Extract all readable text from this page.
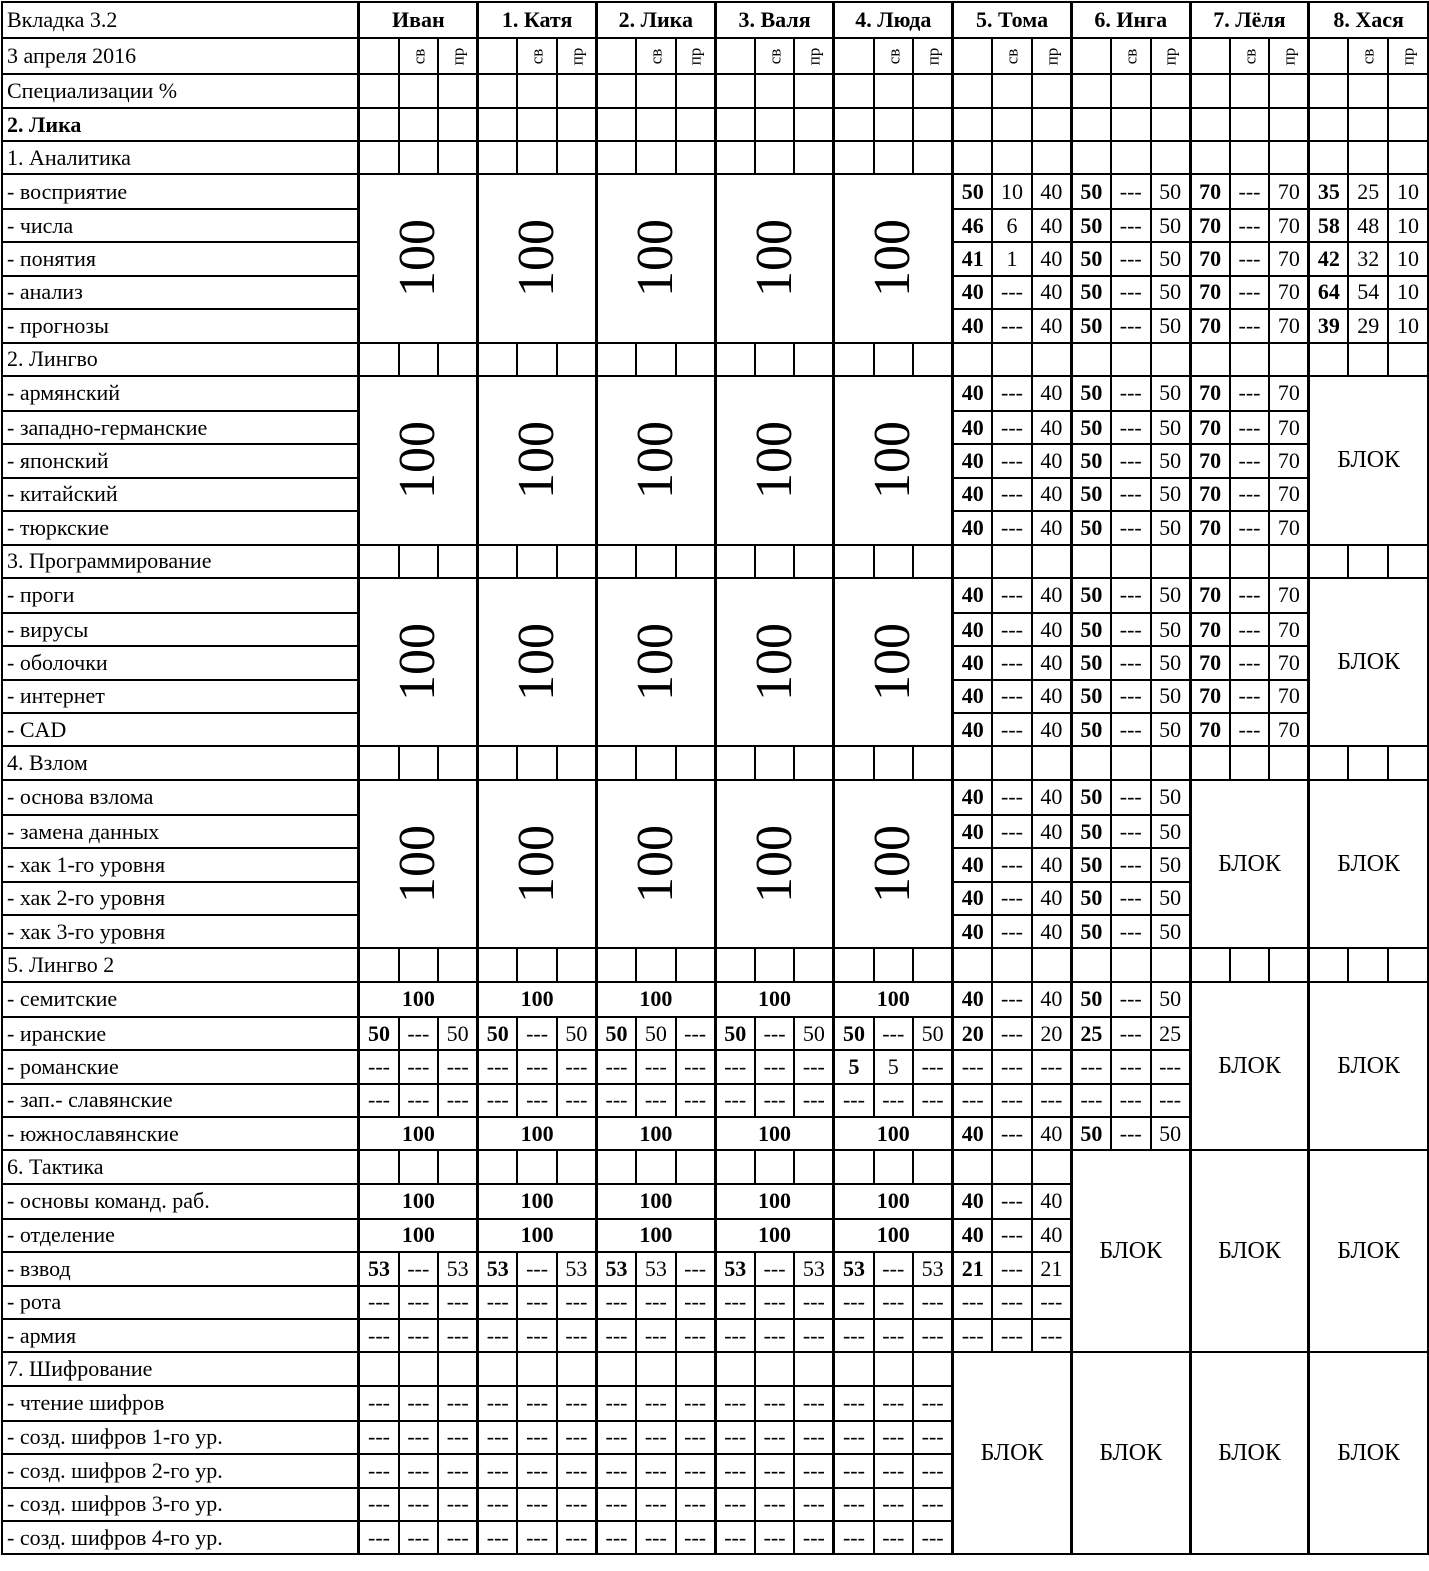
Вкладка 3.2	Иван			1. Катя			2. Лика			3. Валя			4. Люда			5. Тома			6. Инга			7. Лёля			8. Хася		
3 апреля 2016		св	пр		св	пр		св	пр		св	пр		св	пр		св	пр		св	пр		св	пр		св	пр
Специализации %																											
2. Лика																											
1. Аналитика																											
- восприятие	100			100			100			100			100			50	10	40	50	---	50	70	---	70	35	25	10
- числа																46	6	40	50	---	50	70	---	70	58	48	10
- понятия																41	1	40	50	---	50	70	---	70	42	32	10
- анализ																40	---	40	50	---	50	70	---	70	64	54	10
- прогнозы																40	---	40	50	---	50	70	---	70	39	29	10
2. Лингво																											
- армянский	100			100			100			100			100			40	---	40	50	---	50	70	---	70	БЛОК		
- западно-германские																40	---	40	50	---	50	70	---	70			
- японский																40	---	40	50	---	50	70	---	70			
- китайский																40	---	40	50	---	50	70	---	70			
- тюркские																40	---	40	50	---	50	70	---	70			
3. Программирование																											
- проги	100			100			100			100			100			40	---	40	50	---	50	70	---	70	БЛОК		
- вирусы																40	---	40	50	---	50	70	---	70			
- оболочки																40	---	40	50	---	50	70	---	70			
- интернет																40	---	40	50	---	50	70	---	70			
- CAD																40	---	40	50	---	50	70	---	70			
4. Взлом																											
- основа взлома	100			100			100			100			100			40	---	40	50	---	50	БЛОК			БЛОК		
- замена данных																40	---	40	50	---	50						
- хак 1-го уровня																40	---	40	50	---	50						
- хак 2-го уровня																40	---	40	50	---	50						
- хак 3-го уровня																40	---	40	50	---	50						
5. Лингво 2																											
- семитские	100			100			100			100			100			40	---	40	50	---	50	БЛОК			БЛОК		
- иранские	50	---	50	50	---	50	50	50	---	50	---	50	50	---	50	20	---	20	25	---	25						
- романские	---	---	---	---	---	---	---	---	---	---	---	---	5	5	---	---	---	---	---	---	---						
- зап.- славянские	---	---	---	---	---	---	---	---	---	---	---	---	---	---	---	---	---	---	---	---	---						
- южнославянские	100			100			100			100			100			40	---	40	50	---	50						
6. Тактика																			БЛОК			БЛОК			БЛОК		
- основы команд. раб.	100			100			100			100			100			40	---	40									
- отделение	100			100			100			100			100			40	---	40									
- взвод	53	---	53	53	---	53	53	53	---	53	---	53	53	---	53	21	---	21									
- рота	---	---	---	---	---	---	---	---	---	---	---	---	---	---	---	---	---	---									
- армия	---	---	---	---	---	---	---	---	---	---	---	---	---	---	---	---	---	---									
7. Шифрование																БЛОК			БЛОК			БЛОК			БЛОК		
- чтение шифров	---	---	---	---	---	---	---	---	---	---	---	---	---	---	---												
- созд. шифров 1-го ур.	---	---	---	---	---	---	---	---	---	---	---	---	---	---	---												
- созд. шифров 2-го ур.	---	---	---	---	---	---	---	---	---	---	---	---	---	---	---												
- созд. шифров 3-го ур.	---	---	---	---	---	---	---	---	---	---	---	---	---	---	---												
- созд. шифров 4-го ур.	---	---	---	---	---	---	---	---	---	---	---	---	---	---	---												
